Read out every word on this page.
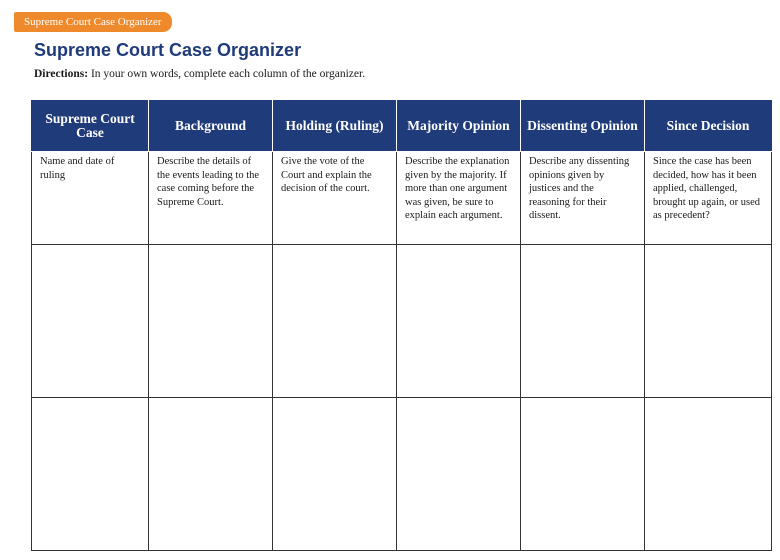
Supreme Court Case Organizer
Supreme Court Case Organizer
Directions: In your own words, complete each column of the organizer.
Supreme Court Case	Background	Holding (Ruling)	Majority Opinion	Dissenting Opinion	Since Decision
Name and date of ruling	Describe the details of the events leading to the case coming before the Supreme Court.	Give the vote of the Court and explain the decision of the court.	Describe the explanation given by the majority. If more than one argument was given, be sure to explain each argument.	Describe any dissenting opinions given by justices and the reasoning for their dissent.	Since the case has been decided, how has it been applied, challenged, brought up again, or used as precedent?
